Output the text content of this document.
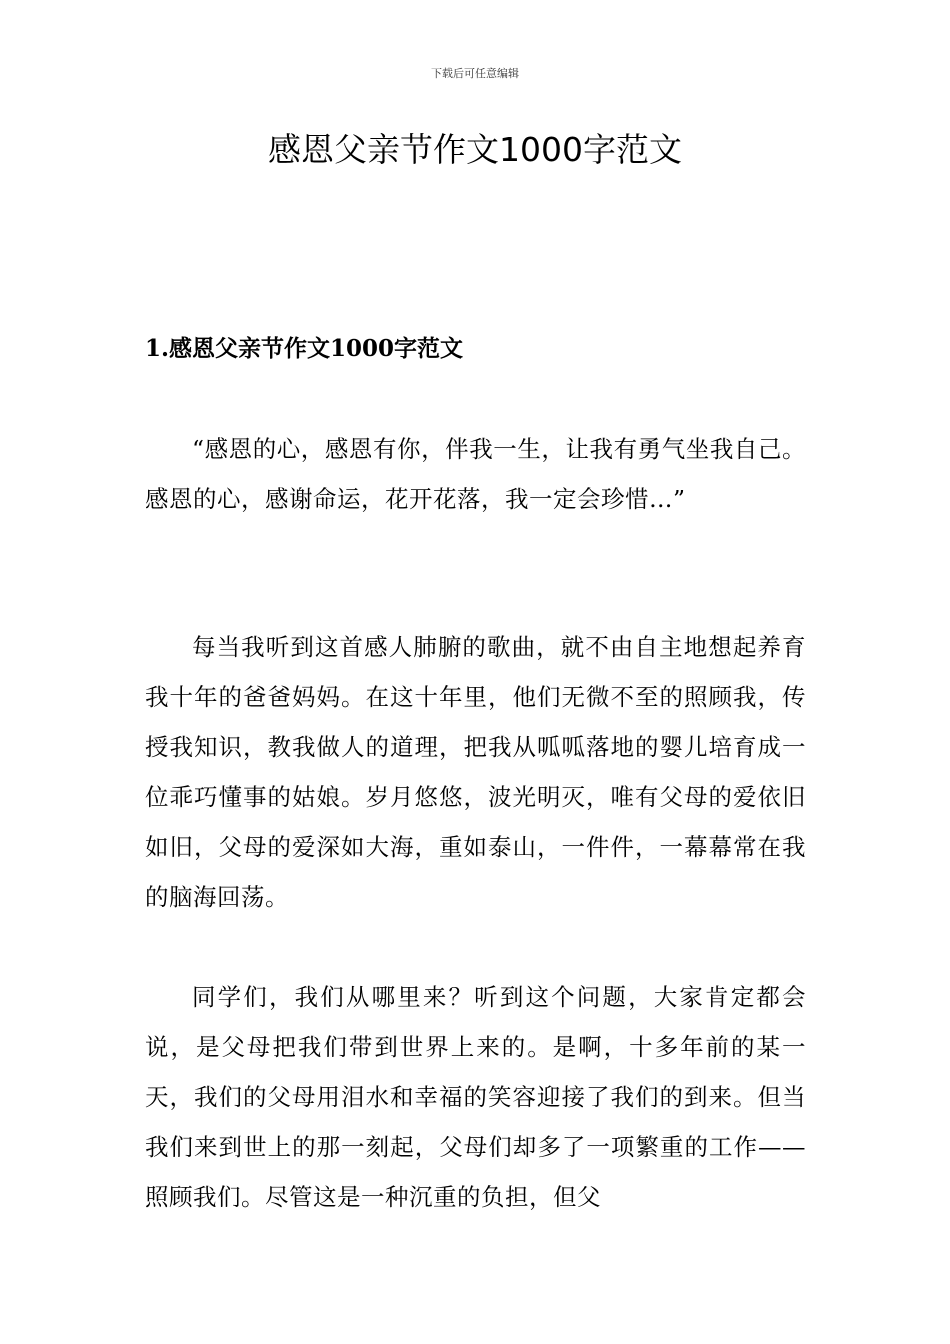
下载后可任意编辑
感恩父亲节作文1000字范文
1.感恩父亲节作文1000字范文

“感恩的心，感恩有你，伴我一生，让我有勇气坐我自己。感恩的心，感谢命运，花开花落，我一定会珍惜…”

每当我听到这首感人肺腑的歌曲，就不由自主地想起养育我十年的爸爸妈妈。在这十年里，他们无微不至的照顾我，传授我知识，教我做人的道理，把我从呱呱落地的婴儿培育成一位乖巧懂事的姑娘。岁月悠悠，波光明灭，唯有父母的爱依旧如旧，父母的爱深如大海，重如泰山，一件件，一幕幕常在我的脑海回荡。

同学们，我们从哪里来？听到这个问题，大家肯定都会说，是父母把我们带到世界上来的。是啊，十多年前的某一天，我们的父母用泪水和幸福的笑容迎接了我们的到来。但当我们来到世上的那一刻起，父母们却多了一项繁重的工作——照顾我们。尽管这是一种沉重的负担，但父
